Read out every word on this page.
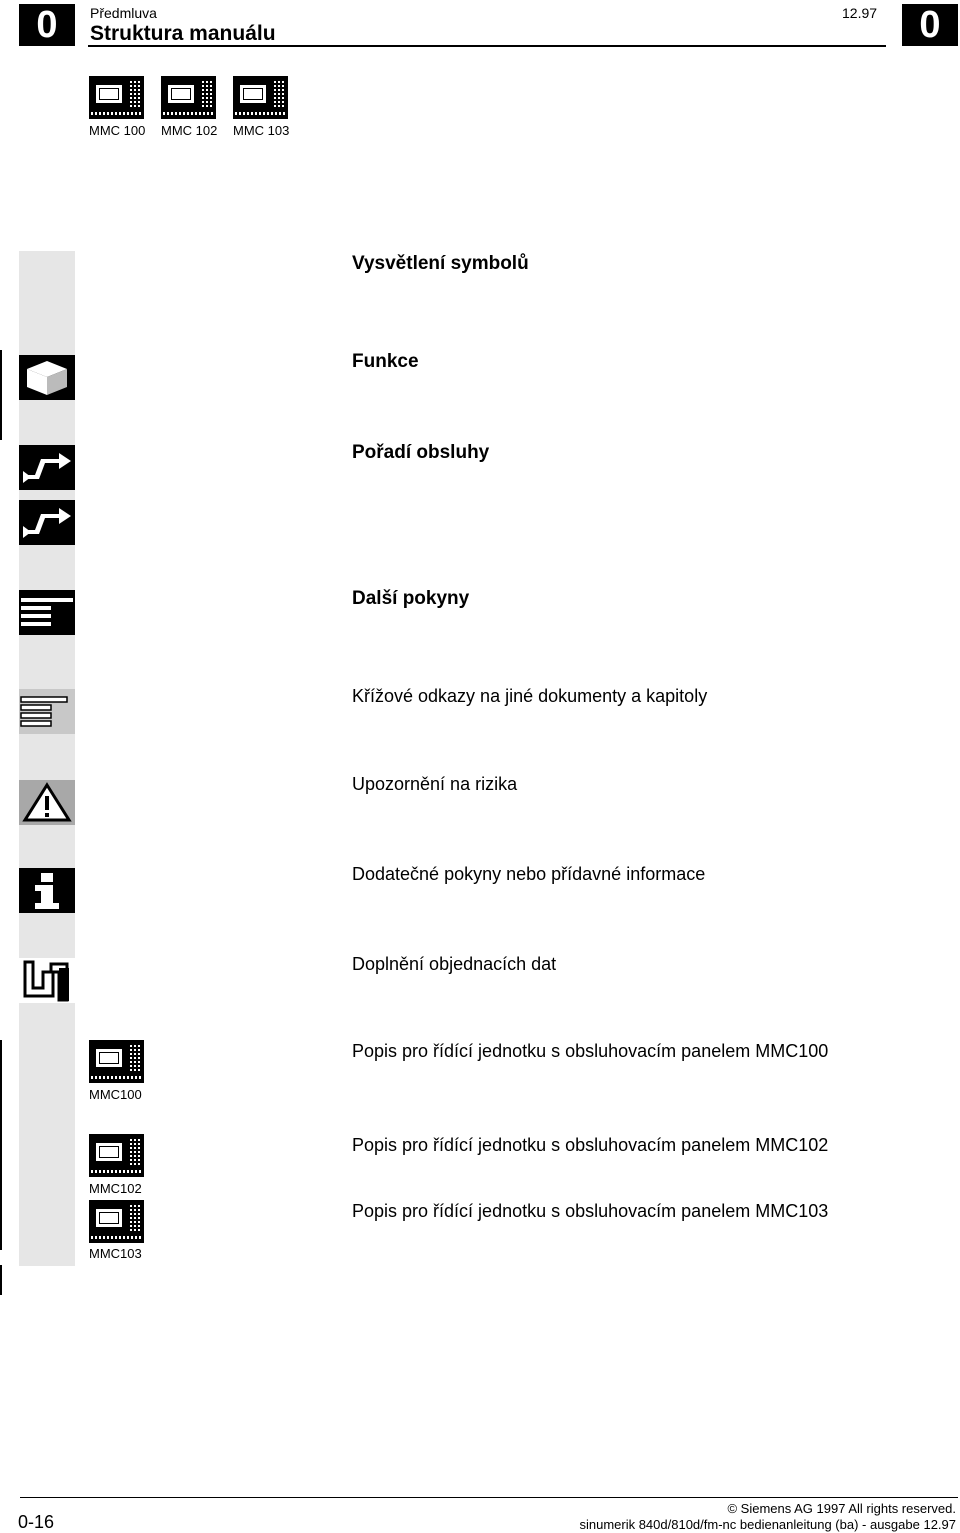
0	0
Předmluva	12.97
Struktura manuálu
MMC 100 MMC 102 MMC 103
Vysvětlení symbolů
Funkce
Pořadí obsluhy
Další pokyny
Křížové odkazy na jiné dokumenty a kapitoly
Upozornění na rizika
Dodatečné pokyny nebo přídavné informace
Doplnění objednacích dat
MMC100
Popis pro řídící jednotku s obsluhovacím panelem MMC100
MMC102
Popis pro řídící jednotku s obsluhovacím panelem MMC102
MMC103
Popis pro řídící jednotku s obsluhovacím panelem MMC103
0-16
© Siemens AG 1997 All rights reserved.
sinumerik 840d/810d/fm-nc bedienanleitung (ba) - ausgabe 12.97
